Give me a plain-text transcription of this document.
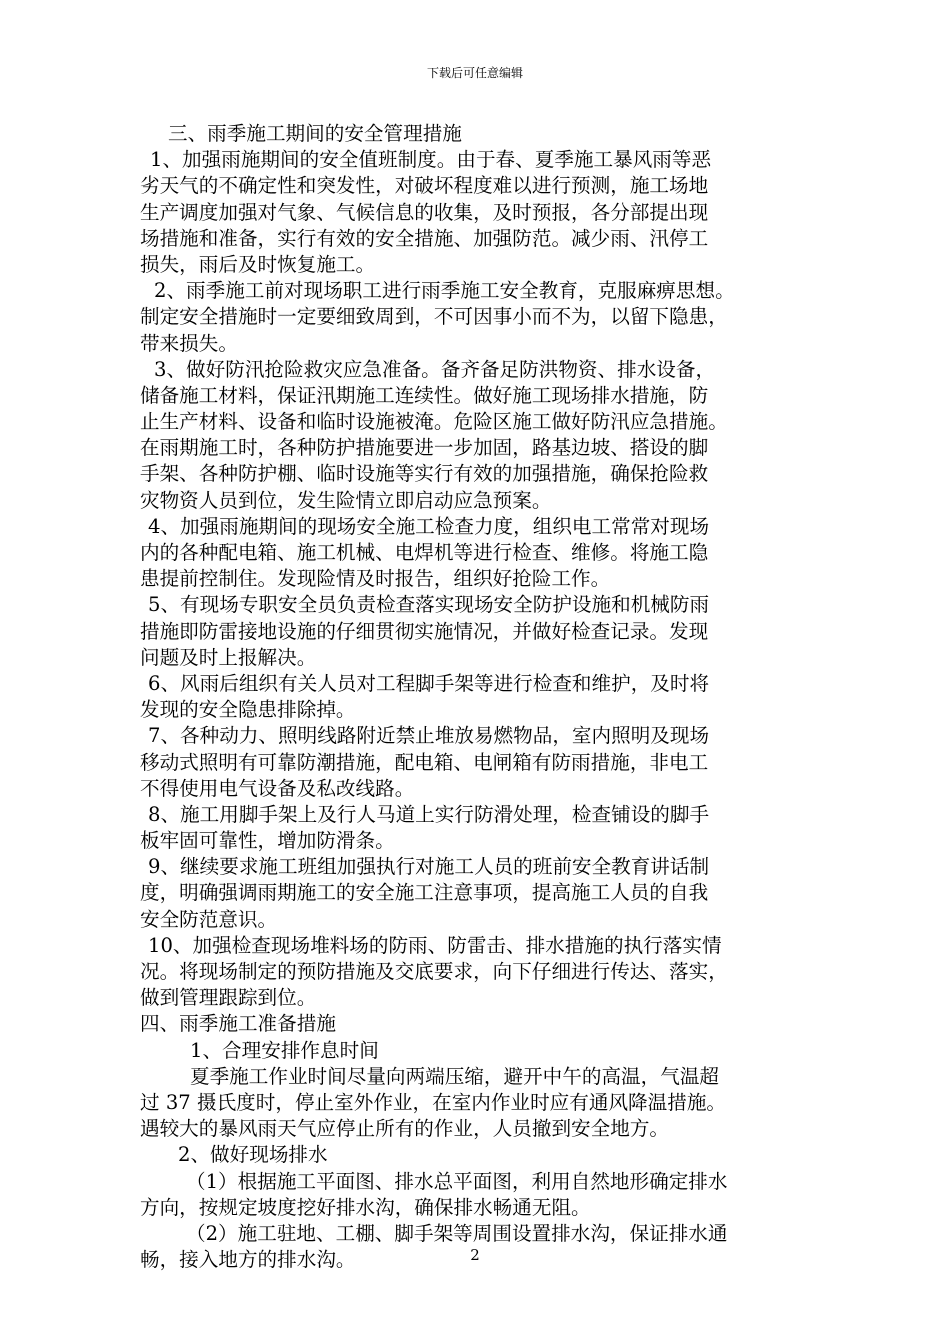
下载后可任意编辑
三、雨季施工期间的安全管理措施
1、加强雨施期间的安全值班制度。由于春、夏季施工暴风雨等恶
劣天气的不确定性和突发性，对破坏程度难以进行预测，施工场地
生产调度加强对气象、气候信息的收集，及时预报，各分部提出现
场措施和准备，实行有效的安全措施、加强防范。减少雨、汛停工
损失，雨后及时恢复施工。
2、雨季施工前对现场职工进行雨季施工安全教育，克服麻痹思想。
制定安全措施时一定要细致周到，不可因事小而不为，以留下隐患，
带来损失。
3、做好防汛抢险救灾应急准备。备齐备足防洪物资、排水设备，
储备施工材料，保证汛期施工连续性。做好施工现场排水措施，防
止生产材料、设备和临时设施被淹。危险区施工做好防汛应急措施。
在雨期施工时，各种防护措施要进一步加固，路基边坡、搭设的脚
手架、各种防护棚、临时设施等实行有效的加强措施，确保抢险救
灾物资人员到位，发生险情立即启动应急预案。
4、加强雨施期间的现场安全施工检查力度，组织电工常常对现场
内的各种配电箱、施工机械、电焊机等进行检查、维修。将施工隐
患提前控制住。发现险情及时报告，组织好抢险工作。
5、有现场专职安全员负责检查落实现场安全防护设施和机械防雨
措施即防雷接地设施的仔细贯彻实施情况，并做好检查记录。发现
问题及时上报解决。
6、风雨后组织有关人员对工程脚手架等进行检查和维护，及时将
发现的安全隐患排除掉。
7、各种动力、照明线路附近禁止堆放易燃物品，室内照明及现场
移动式照明有可靠防潮措施，配电箱、电闸箱有防雨措施，非电工
不得使用电气设备及私改线路。
8、施工用脚手架上及行人马道上实行防滑处理，检查铺设的脚手
板牢固可靠性，增加防滑条。
9、继续要求施工班组加强执行对施工人员的班前安全教育讲话制
度，明确强调雨期施工的安全施工注意事项，提高施工人员的自我
安全防范意识。
10、加强检查现场堆料场的防雨、防雷击、排水措施的执行落实情
况。将现场制定的预防措施及交底要求，向下仔细进行传达、落实，
做到管理跟踪到位。
四、雨季施工准备措施
1、合理安排作息时间
夏季施工作业时间尽量向两端压缩，避开中午的高温，气温超
过 37 摄氏度时，停止室外作业，在室内作业时应有通风降温措施。
遇较大的暴风雨天气应停止所有的作业，人员撤到安全地方。
2、做好现场排水
（1）根据施工平面图、排水总平面图，利用自然地形确定排水
方向，按规定坡度挖好排水沟，确保排水畅通无阻。
（2）施工驻地、工棚、脚手架等周围设置排水沟，保证排水通
畅，接入地方的排水沟。	2
